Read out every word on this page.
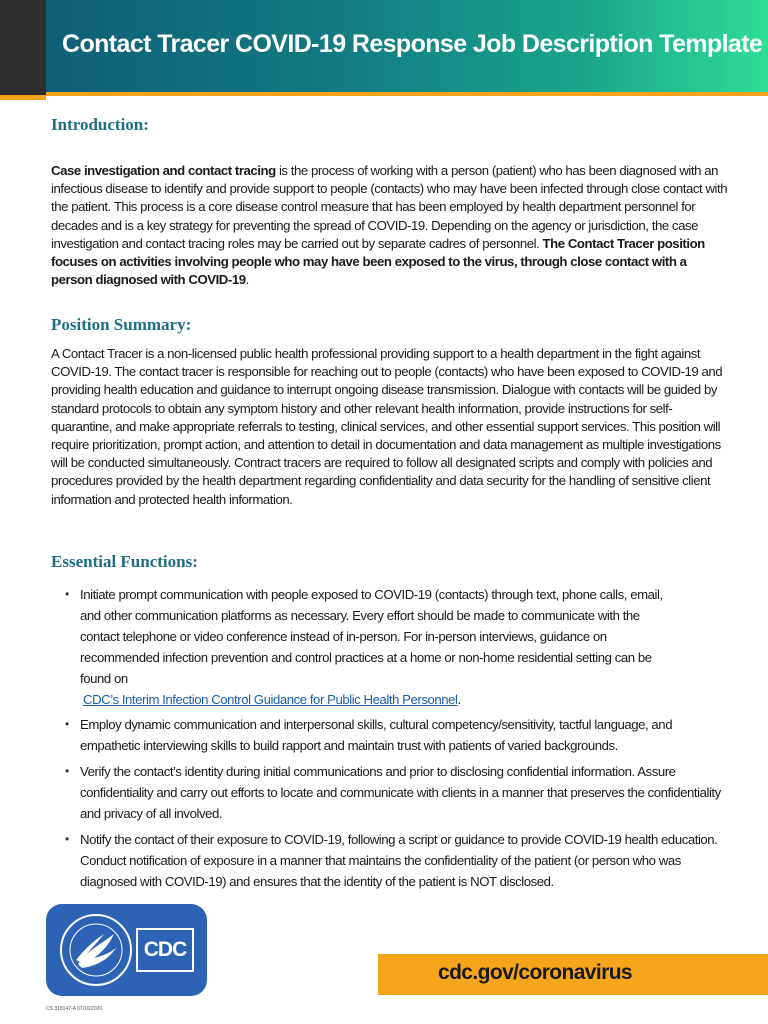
Contact Tracer COVID-19 Response Job Description Template
Introduction:

Case investigation and contact tracing is the process of working with a person (patient) who has been diagnosed with an infectious disease to identify and provide support to people (contacts) who may have been infected through close contact with the patient. This process is a core disease control measure that has been employed by health department personnel for decades and is a key strategy for preventing the spread of COVID-19. Depending on the agency or jurisdiction, the case investigation and contact tracing roles may be carried out by separate cadres of personnel. The Contact Tracer position focuses on activities involving people who may have been exposed to the virus, through close contact with a person diagnosed with COVID-19.

Position Summary:

A Contact Tracer is a non-licensed public health professional providing support to a health department in the fight against COVID-19. The contact tracer is responsible for reaching out to people (contacts) who have been exposed to COVID-19 and providing health education and guidance to interrupt ongoing disease transmission. Dialogue with contacts will be guided by standard protocols to obtain any symptom history and other relevant health information, provide instructions for self-quarantine, and make appropriate referrals to testing, clinical services, and other essential support services. This position will require prioritization, prompt action, and attention to detail in documentation and data management as multiple investigations will be conducted simultaneously. Contract tracers are required to follow all designated scripts and comply with policies and procedures provided by the health department regarding confidentiality and data security for the handling of sensitive client information and protected health information.

Essential Functions:
• Initiate prompt communication with people exposed to COVID-19 (contacts) through text, phone calls, email, and other communication platforms as necessary. Every effort should be made to communicate with the contact telephone or video conference instead of in-person. For in-person interviews, guidance on recommended infection prevention and control practices at a home or non-home residential setting can be found on
CDC’s Interim Infection Control Guidance for Public Health Personnel.
• Employ dynamic communication and interpersonal skills, cultural competency/sensitivity, tactful language, and empathetic interviewing skills to build rapport and maintain trust with patients of varied backgrounds.
• Verify the contact’s identity during initial communications and prior to disclosing confidential information. Assure confidentiality and carry out efforts to locate and communicate with clients in a manner that preserves the confidentiality and privacy of all involved.
• Notify the contact of their exposure to COVID-19, following a script or guidance to provide COVID-19 health education. Conduct notification of exposure in a manner that maintains the confidentiality of the patient (or person who was diagnosed with COVID-19) and ensures that the identity of the patient is NOT disclosed.
CDC

cdc.gov/coronavirus

CS 318147-A 07/16/2020
